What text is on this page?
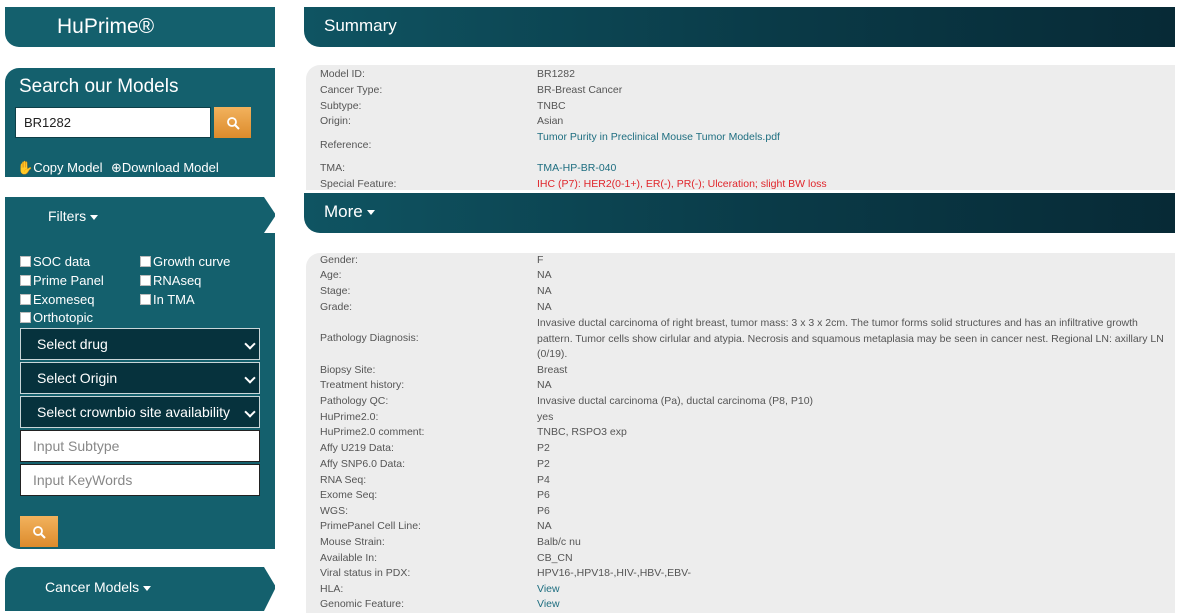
HuPrime®
Search our Models
BR1282
✋Copy Model ⊕Download Model
Filters
SOC data	Growth curve
Prime Panel	RNAseq
Exomeseq	In TMA
Orthotopic
Select drug
Select Origin
Select crownbio site availability
Input Subtype
Input KeyWords
Cancer Models
Summary
Model ID:	BR1282
Cancer Type:	BR-Breast Cancer
Subtype:	TNBC
Origin:	Asian
Reference:
Tumor Purity in Preclinical Mouse Tumor Models.pdf
TMA:	TMA-HP-BR-040
Special Feature:	IHC (P7): HER2(0-1+), ER(-), PR(-); Ulceration; slight BW loss
More
Gender:	F
Age:	NA
Stage:	NA
Grade:	NA
Pathology Diagnosis:
Invasive ductal carcinoma of right breast, tumor mass: 3 x 3 x 2cm. The tumor forms solid structures and has an infiltrative growth pattern. Tumor cells show cirlular and atypia. Necrosis and squamous metaplasia may be seen in cancer nest. Regional LN: axillary LN (0/19).
Biopsy Site:	Breast
Treatment history:	NA
Pathology QC:	Invasive ductal carcinoma (Pa), ductal carcinoma (P8, P10)
HuPrime2.0:	yes
HuPrime2.0 comment:	TNBC, RSPO3 exp
Affy U219 Data:	P2
Affy SNP6.0 Data:	P2
RNA Seq:	P4
Exome Seq:	P6
WGS:	P6
PrimePanel Cell Line:	NA
Mouse Strain:	Balb/c nu
Available In:	CB_CN
Viral status in PDX:	HPV16-,HPV18-,HIV-,HBV-,EBV-
HLA:	View
Genomic Feature:	View
